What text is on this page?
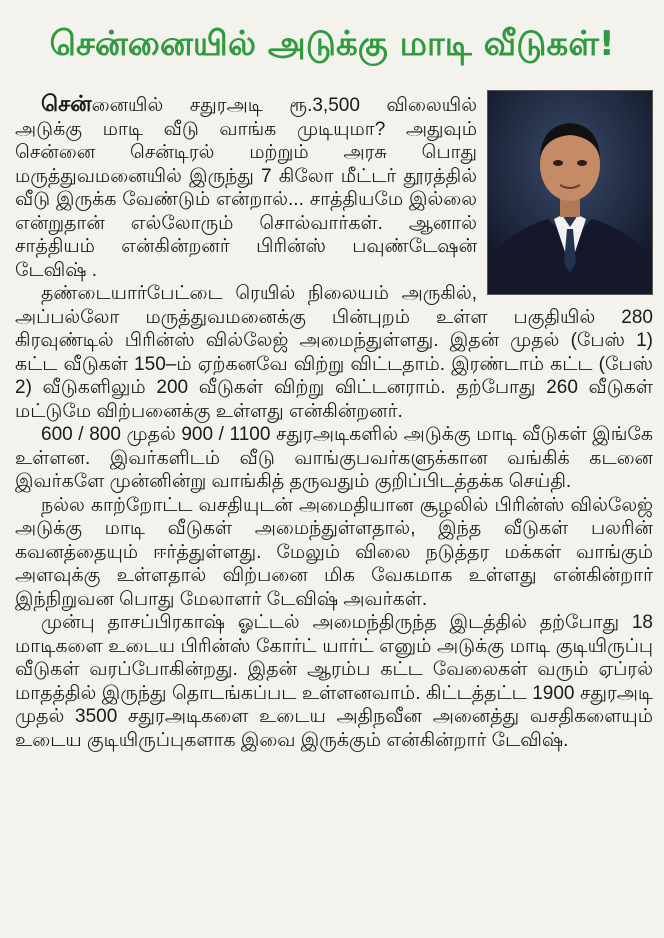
சென்னையில் அடுக்கு மாடி வீடுகள்!

சென்னையில் சதுரஅடி ரூ.3,500 விலையில் அடுக்கு மாடி வீடு வாங்க முடியுமா? அதுவும் சென்னை சென்டிரல் மற்றும் அரசு பொது மருத்துவமனையில் இருந்து 7 கிலோ மீட்டர் தூரத்தில் வீடு இருக்க வேண்டும் என்றால்... சாத்தியமே இல்லை என்றுதான் எல்லோரும் சொல்வார்கள். ஆனால் சாத்தியம் என்கின்றனர் பிரின்ஸ் பவுண்டேஷன் டேவிஷ் .

தண்டையார்பேட்டை ரெயில் நிலையம் அருகில், அப்பல்லோ மருத்துவமனைக்கு பின்புறம் உள்ள பகுதியில் 280 கிரவுண்டில் பிரின்ஸ் வில்லேஜ் அமைந்துள்ளது. இதன் முதல் (பேஸ் 1) கட்ட வீடுகள் 150–ம் ஏற்கனவே விற்று விட்டதாம். இரண்டாம் கட்ட (பேஸ் 2) வீடுகளிலும் 200 வீடுகள் விற்று விட்டனராம். தற்போது 260 வீடுகள் மட்டுமே விற்பனைக்கு உள்ளது என்கின்றனர்.

600 / 800 முதல் 900 / 1100 சதுரஅடிகளில் அடுக்கு மாடி வீடுகள் இங்கே உள்ளன. இவர்களிடம் வீடு வாங்குபவர்களுக்கான வங்கிக் கடனை இவர்களே முன்னின்று வாங்கித் தருவதும் குறிப்பிடத்தக்க செய்தி.

நல்ல காற்றோட்ட வசதியுடன் அமைதியான சூழலில் பிரின்ஸ் வில்லேஜ் அடுக்கு மாடி வீடுகள் அமைந்துள்ளதால், இந்த வீடுகள் பலரின் கவனத்தையும் ஈர்த்துள்ளது. மேலும் விலை நடுத்தர மக்கள் வாங்கும் அளவுக்கு உள்ளதால் விற்பனை மிக வேகமாக உள்ளது என்கின்றார் இந்நிறுவன பொது மேலாளர் டேவிஷ் அவர்கள்.

முன்பு தாசப்பிரகாஷ் ஓட்டல் அமைந்திருந்த இடத்தில் தற்போது 18 மாடிகளை உடைய பிரின்ஸ் கோர்ட் யார்ட் எனும் அடுக்கு மாடி குடியிருப்பு வீடுகள் வரப்போகின்றது. இதன் ஆரம்ப கட்ட வேலைகள் வரும் ஏப்ரல் மாதத்தில் இருந்து தொடங்கப்பட உள்ளனவாம். கிட்டத்தட்ட 1900 சதுரஅடி முதல் 3500 சதுரஅடிகளை உடைய அதிநவீன அனைத்து வசதிகளையும் உடைய குடியிருப்புகளாக இவை இருக்கும் என்கின்றார் டேவிஷ்.
